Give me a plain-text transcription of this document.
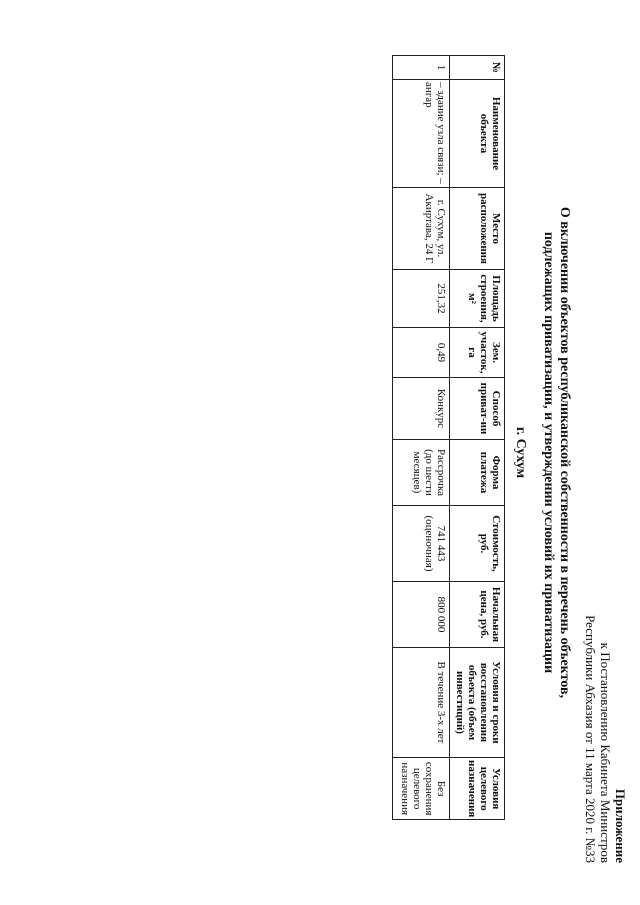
Приложение
к Постановлению Кабинета Министров
Республики Абхазия от 11 марта 2020 г. №33
О включении объектов республиканской собственности в перечень объектов,
подлежащих приватизации, и утверждении условий их приватизации
г. Сухум
№	Наименование объекта	Место расположения	Площадь строения, м²	Зем. участок, га	Способ приват-ии	Форма платежа	Стоимость, руб.	Начальная цена, руб.	Условия и сроки восстановления объекта (объем инвестиций)	Условия целевого назначения
1	– здание узла связи; – ангар	г. Сухум, ул. Акиртава, 24 Г	251,32	0,49	Конкурс	Рассрочка (до шести месяцев)	741 443 (оценочная)	800 000	В течение 3-х лет	Без сохранения целевого назначения
